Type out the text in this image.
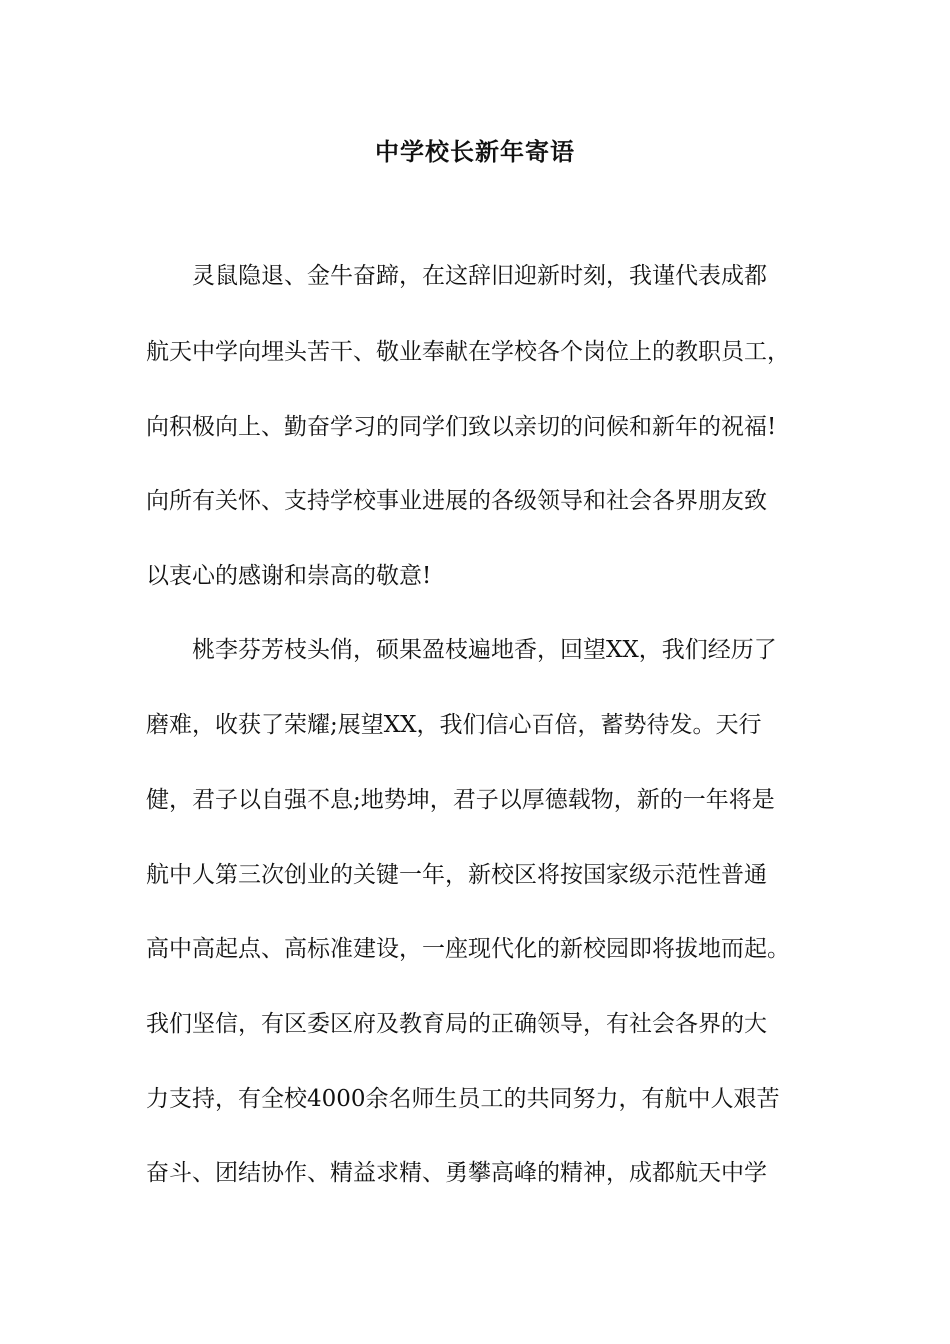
中学校长新年寄语
灵鼠隐退、金牛奋蹄，在这辞旧迎新时刻，我谨代表成都
航天中学向埋头苦干、敬业奉献在学校各个岗位上的教职员工，
向积极向上、勤奋学习的同学们致以亲切的问候和新年的祝福!
向所有关怀、支持学校事业进展的各级领导和社会各界朋友致
以衷心的感谢和崇高的敬意!
桃李芬芳枝头俏，硕果盈枝遍地香，回望XX，我们经历了
磨难，收获了荣耀;展望XX，我们信心百倍，蓄势待发。天行
健，君子以自强不息;地势坤，君子以厚德载物，新的一年将是
航中人第三次创业的关键一年，新校区将按国家级示范性普通
高中高起点、高标准建设，一座现代化的新校园即将拔地而起。
我们坚信，有区委区府及教育局的正确领导，有社会各界的大
力支持，有全校4000余名师生员工的共同努力，有航中人艰苦
奋斗、团结协作、精益求精、勇攀高峰的精神，成都航天中学
